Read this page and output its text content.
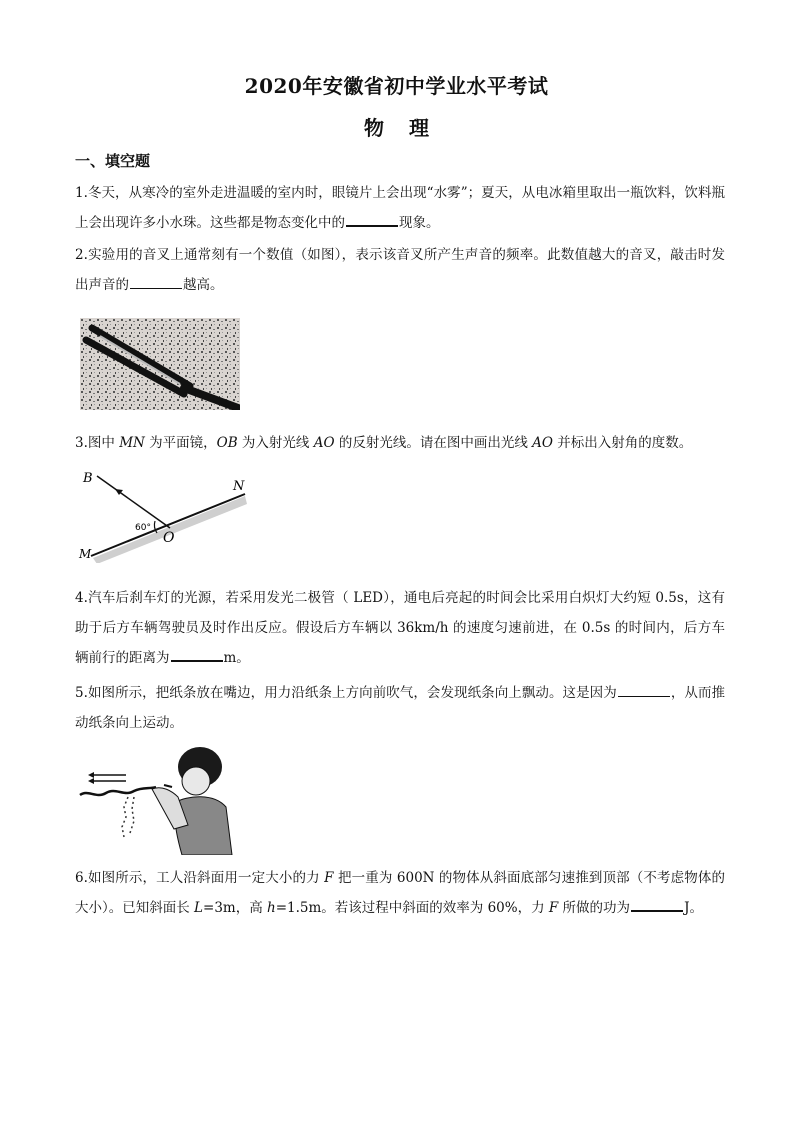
2020年安徽省初中学业水平考试
物 理
一、填空题
1.冬天，从寒冷的室外走进温暖的室内时，眼镜片上会出现“水雾”；夏天，从电冰箱里取出一瓶饮料，饮料瓶上会出现许多小水珠。这些都是物态变化中的	现象。
2.实验用的音叉上通常刻有一个数值（如图），表示该音叉所产生声音的频率。此数值越大的音叉，敲击时发出声音的	越高。
3.图中 MN 为平面镜，OB 为入射光线 AO 的反射光线。请在图中画出光线 AO 并标出入射角的度数。
B
N
O
M
60°
4.汽车后刹车灯的光源，若采用发光二极管（ LED），通电后亮起的时间会比采用白炽灯大约短 0.5s，这有助于后方车辆驾驶员及时作出反应。假设后方车辆以 36km/h 的速度匀速前进，在 0.5s 的时间内，后方车辆前行的距离为	m。
5.如图所示，把纸条放在嘴边，用力沿纸条上方向前吹气，会发现纸条向上飘动。这是因为	，从而推动纸条向上运动。
6.如图所示，工人沿斜面用一定大小的力 F 把一重为 600N 的物体从斜面底部匀速推到顶部（不考虑物体的大小）。已知斜面长 L=3m，高 h=1.5m。若该过程中斜面的效率为 60%，力 F 所做的功为	J。
